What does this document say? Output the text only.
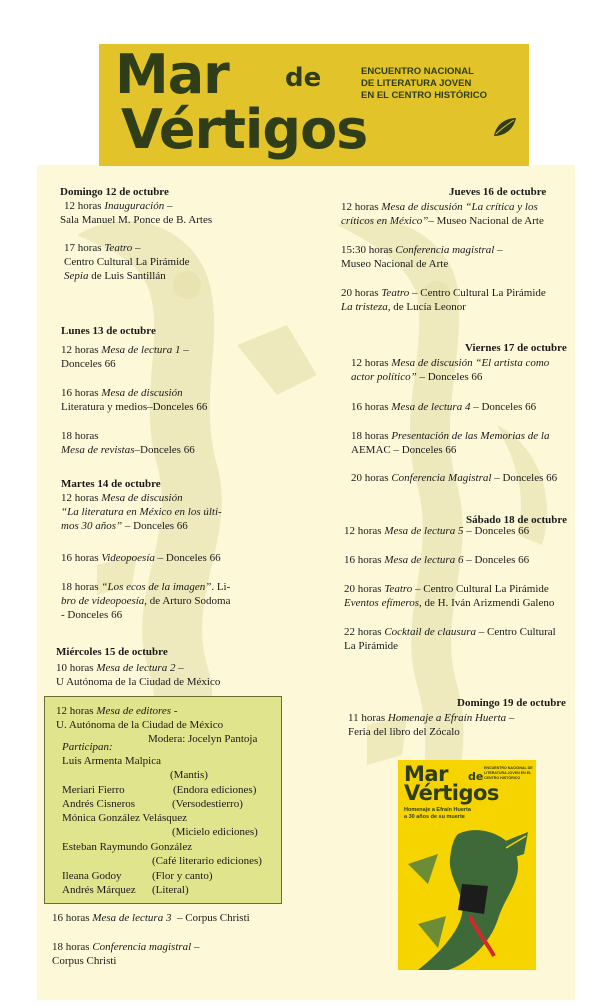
Mar de
Vértigos
ENCUENTRO NACIONAL
DE LITERATURA JOVEN
EN EL CENTRO HISTÓRICO
Domingo 12 de octubre
12 horas Inauguración –
Sala Manuel M. Ponce de B. Artes
17 horas Teatro –
Centro Cultural La Pirámide
Sepia de Luis Santillán
Lunes 13 de octubre
12 horas Mesa de lectura 1 –
Donceles 66
16 horas Mesa de discusión
Literatura y medios–Donceles 66
18 horas
Mesa de revistas–Donceles 66
Martes 14 de octubre
12 horas Mesa de discusión
“La literatura en México en los últi-
mos 30 años” – Donceles 66
16 horas Videopoesía – Donceles 66
18 horas “Los ecos de la imagen”. Li-
bro de videopoesía, de Arturo Sodoma
- Donceles 66
Miércoles 15 de octubre
10 horas Mesa de lectura 2 –
U Autónoma de la Ciudad de México
12 horas Mesa de editores -
U. Autónoma de la Ciudad de México
Modera: Jocelyn Pantoja
Participan:
Luis Armenta Malpica
(Mantis)
Meriari Fierro	(Endora ediciones)
Andrés Cisneros	(Versodestierro)
Mónica González Velásquez
(Micielo ediciones)
Esteban Raymundo González
(Café literario ediciones)
Ileana Godoy	(Flor y canto)
Andrés Márquez (Literal)
16 horas Mesa de lectura 3  – Corpus Christi
18 horas Conferencia magistral –
Corpus Christi
Jueves 16 de octubre
12 horas Mesa de discusión “La crítica y los
críticos en México”– Museo Nacional de Arte
15:30 horas Conferencia magistral –
Museo Nacional de Arte
20 horas Teatro – Centro Cultural La Pirámide
La tristeza, de Lucía Leonor
Viernes 17 de octubre
12 horas Mesa de discusión “El artista como
actor político” – Donceles 66
16 horas Mesa de lectura 4 – Donceles 66
18 horas Presentación de las Memorias de la
AEMAC – Donceles 66
20 horas Conferencia Magistral – Donceles 66
Sábado 18 de octubre
12 horas Mesa de lectura 5 – Donceles 66
16 horas Mesa de lectura 6 – Donceles 66
20 horas Teatro – Centro Cultural La Pirámide
Eventos efímeros, de H. Iván Arizmendi Galeno
22 horas Cocktail de clausura – Centro Cultural
La Pirámide
Domingo 19 de octubre
11 horas Homenaje a Efraín Huerta –
Feria del libro del Zócalo
Mar de
Vértigos
ENCUENTRO NACIONAL DE LITERATURA JOVEN EN EL CENTRO HISTÓRICO
Homenaje a Efraín Huerta
a 30 años de su muerte
